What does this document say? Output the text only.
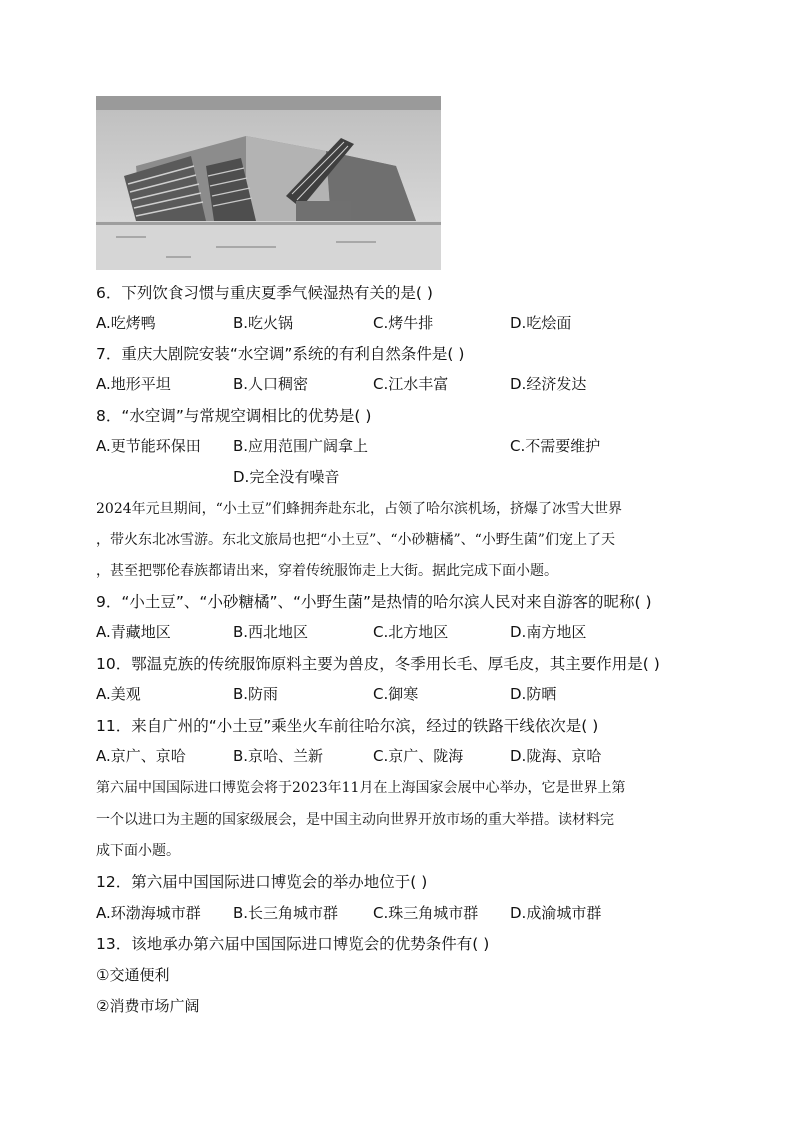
6．下列饮食习惯与重庆夏季气候湿热有关的是( )
A.吃烤鸭	B.吃火锅	C.烤牛排	D.吃烩面
7．重庆大剧院安装“水空调”系统的有利自然条件是( )
A.地形平坦	B.人口稠密	C.江水丰富	D.经济发达
8．“水空调”与常规空调相比的优势是( )
A.更节能环保田 B.应用范围广阔拿上	C.不需要维护
D.完全没有噪音
2024年元旦期间，“小土豆”们蜂拥奔赴东北，占领了哈尔滨机场，挤爆了冰雪大世界
，带火东北冰雪游。东北文旅局也把“小土豆”、“小砂糖橘”、“小野生菌”们宠上了天
，甚至把鄂伦春族都请出来，穿着传统服饰走上大街。据此完成下面小题。
9．“小土豆”、“小砂糖橘”、“小野生菌”是热情的哈尔滨人民对来自游客的昵称( )
A.青藏地区	B.西北地区	C.北方地区	D.南方地区
10．鄂温克族的传统服饰原料主要为兽皮，冬季用长毛、厚毛皮，其主要作用是( )
A.美观	B.防雨	C.御寒	D.防晒
11．来自广州的“小土豆”乘坐火车前往哈尔滨，经过的铁路干线依次是( )
A.京广、京哈	B.京哈、兰新	C.京广、陇海	D.陇海、京哈
第六届中国国际进口博览会将于2023年11月在上海国家会展中心举办，它是世界上第
一个以进口为主题的国家级展会，是中国主动向世界开放市场的重大举措。读材料完
成下面小题。
12．第六届中国国际进口博览会的举办地位于( )
A.环渤海城市群 B.长三角城市群 C.珠三角城市群 D.成渝城市群
13．该地承办第六届中国国际进口博览会的优势条件有( )
①交通便利
②消费市场广阔
